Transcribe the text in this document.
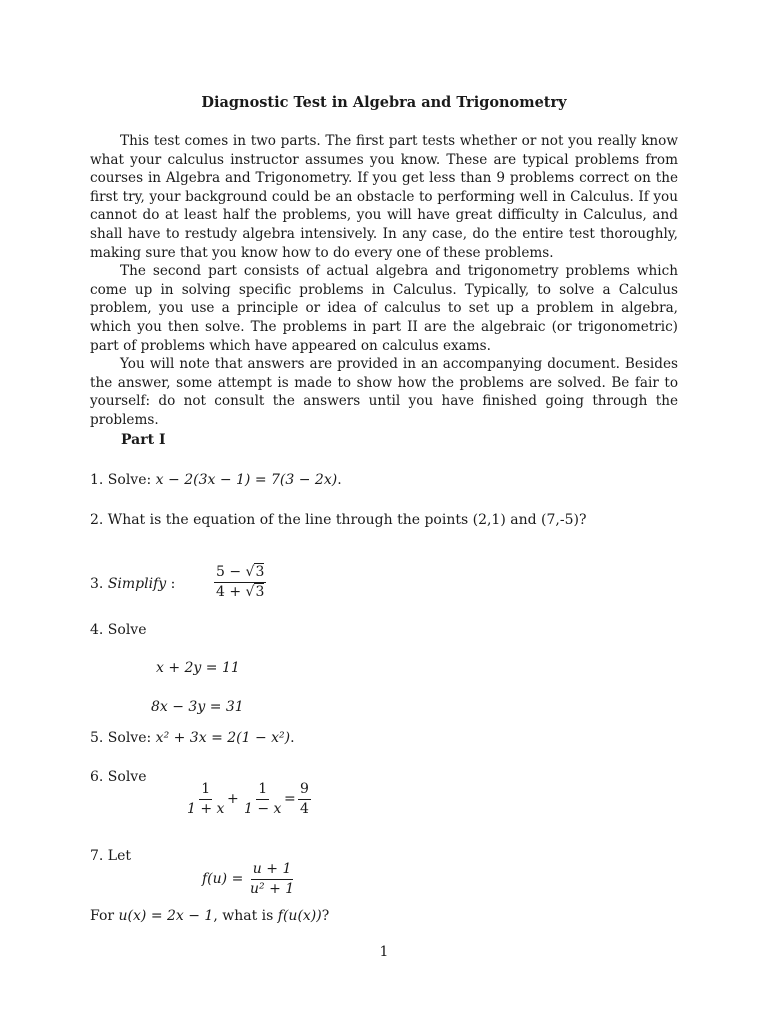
Diagnostic Test in Algebra and Trigonometry

This test comes in two parts. The first part tests whether or not you really know what your calculus instructor assumes you know. These are typical problems from courses in Algebra and Trigonometry. If you get less than 9 problems correct on the first try, your background could be an obstacle to performing well in Calculus. If you cannot do at least half the problems, you will have great difficulty in Calculus, and shall have to restudy algebra intensively. In any case, do the entire test thoroughly, making sure that you know how to do every one of these problems.

The second part consists of actual algebra and trigonometry problems which come up in solving specific problems in Calculus. Typically, to solve a Calculus problem, you use a principle or idea of calculus to set up a problem in algebra, which you then solve. The problems in part II are the algebraic (or trigonometric) part of problems which have appeared on calculus exams.

You will note that answers are provided in an accompanying document. Besides the answer, some attempt is made to show how the problems are solved. Be fair to yourself: do not consult the answers until you have finished going through the problems.

Part I
1. Solve: x − 2(3x − 1) = 7(3 − 2x).
2. What is the equation of the line through the points (2,1) and (7,-5)?
3. Simplify :	$\frac{5 - √3}{4 + √3}$
4. Solve
x + 2y = 11
8x − 3y = 31
5. Solve: x² + 3x = 2(1 − x²).
6. Solve
$\frac{1}{1 + x} + \frac{1}{1 - x} = \frac{9}{4}$
7. Let
$f(u) = \frac{u + 1}{\text{u² + 1}}$
For u(x) = 2x − 1, what is f(u(x))?
1
